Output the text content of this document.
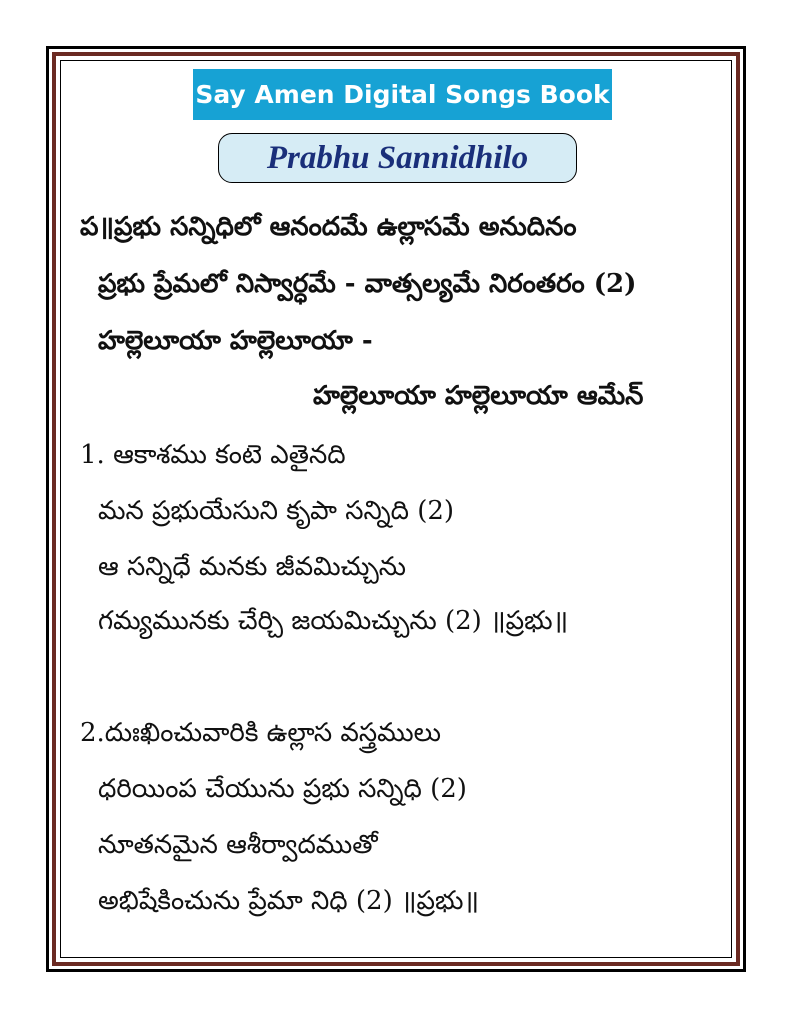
Say Amen Digital Songs Book
Prabhu Sannidhilo
ప॥ప్రభు సన్నిధిలో ఆనందమే ఉల్లాసమే అనుదినం
ప్రభు ప్రేమలో నిస్వార్ధమే - వాత్సల్యమే నిరంతరం (2)
హల్లెలూయా హల్లెలూయా -
హల్లెలూయా హల్లెలూయా ఆమేన్
1. ఆకాశము కంటె ఎతైనది
మన ప్రభుయేసుని కృపా సన్నిది (2)
ఆ సన్నిధే మనకు జీవమిచ్చును
గమ్యమునకు చేర్చి జయమిచ్చును (2) ॥ప్రభు॥
2.దుఃఖించువారికి ఉల్లాస వస్త్రములు
ధరియింప చేయును ప్రభు సన్నిధి (2)
నూతనమైన ఆశీర్వాదముతో
అభిషేకించును ప్రేమా నిధి (2) ॥ప్రభు॥
